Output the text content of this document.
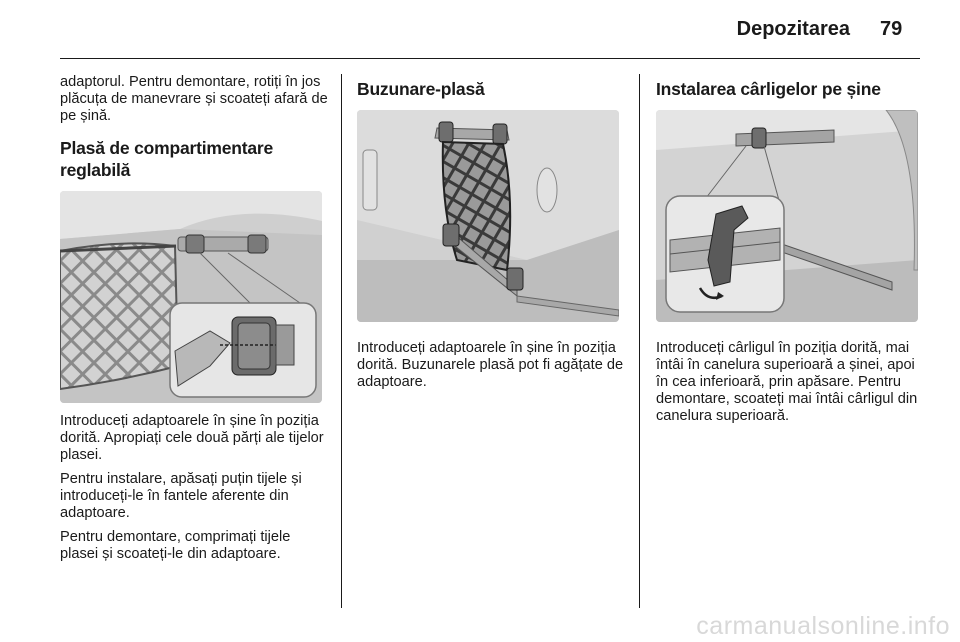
Depozitarea 79

adaptorul. Pentru demontare, rotiți în jos plăcuța de manevrare și scoateți afară de pe șină.

Plasă de compartimentare reglabilă

Introduceți adaptoarele în șine în poziția dorită. Apropiați cele două părți ale tijelor plasei.

Pentru instalare, apăsați puțin tijele și introduceți-le în fantele aferente din adaptoare.

Pentru demontare, comprimați tijele plasei și scoateți-le din adaptoare.

Buzunare-plasă

Introduceți adaptoarele în șine în poziția dorită. Buzunarele plasă pot fi agățate de adaptoare.

Instalarea cârligelor pe șine

Introduceți cârligul în poziția dorită, mai întâi în canelura superioară a șinei, apoi în cea inferioară, prin apăsare. Pentru demontare, scoateți mai întâi cârligul din canelura superioară.

carmanualsonline.info
